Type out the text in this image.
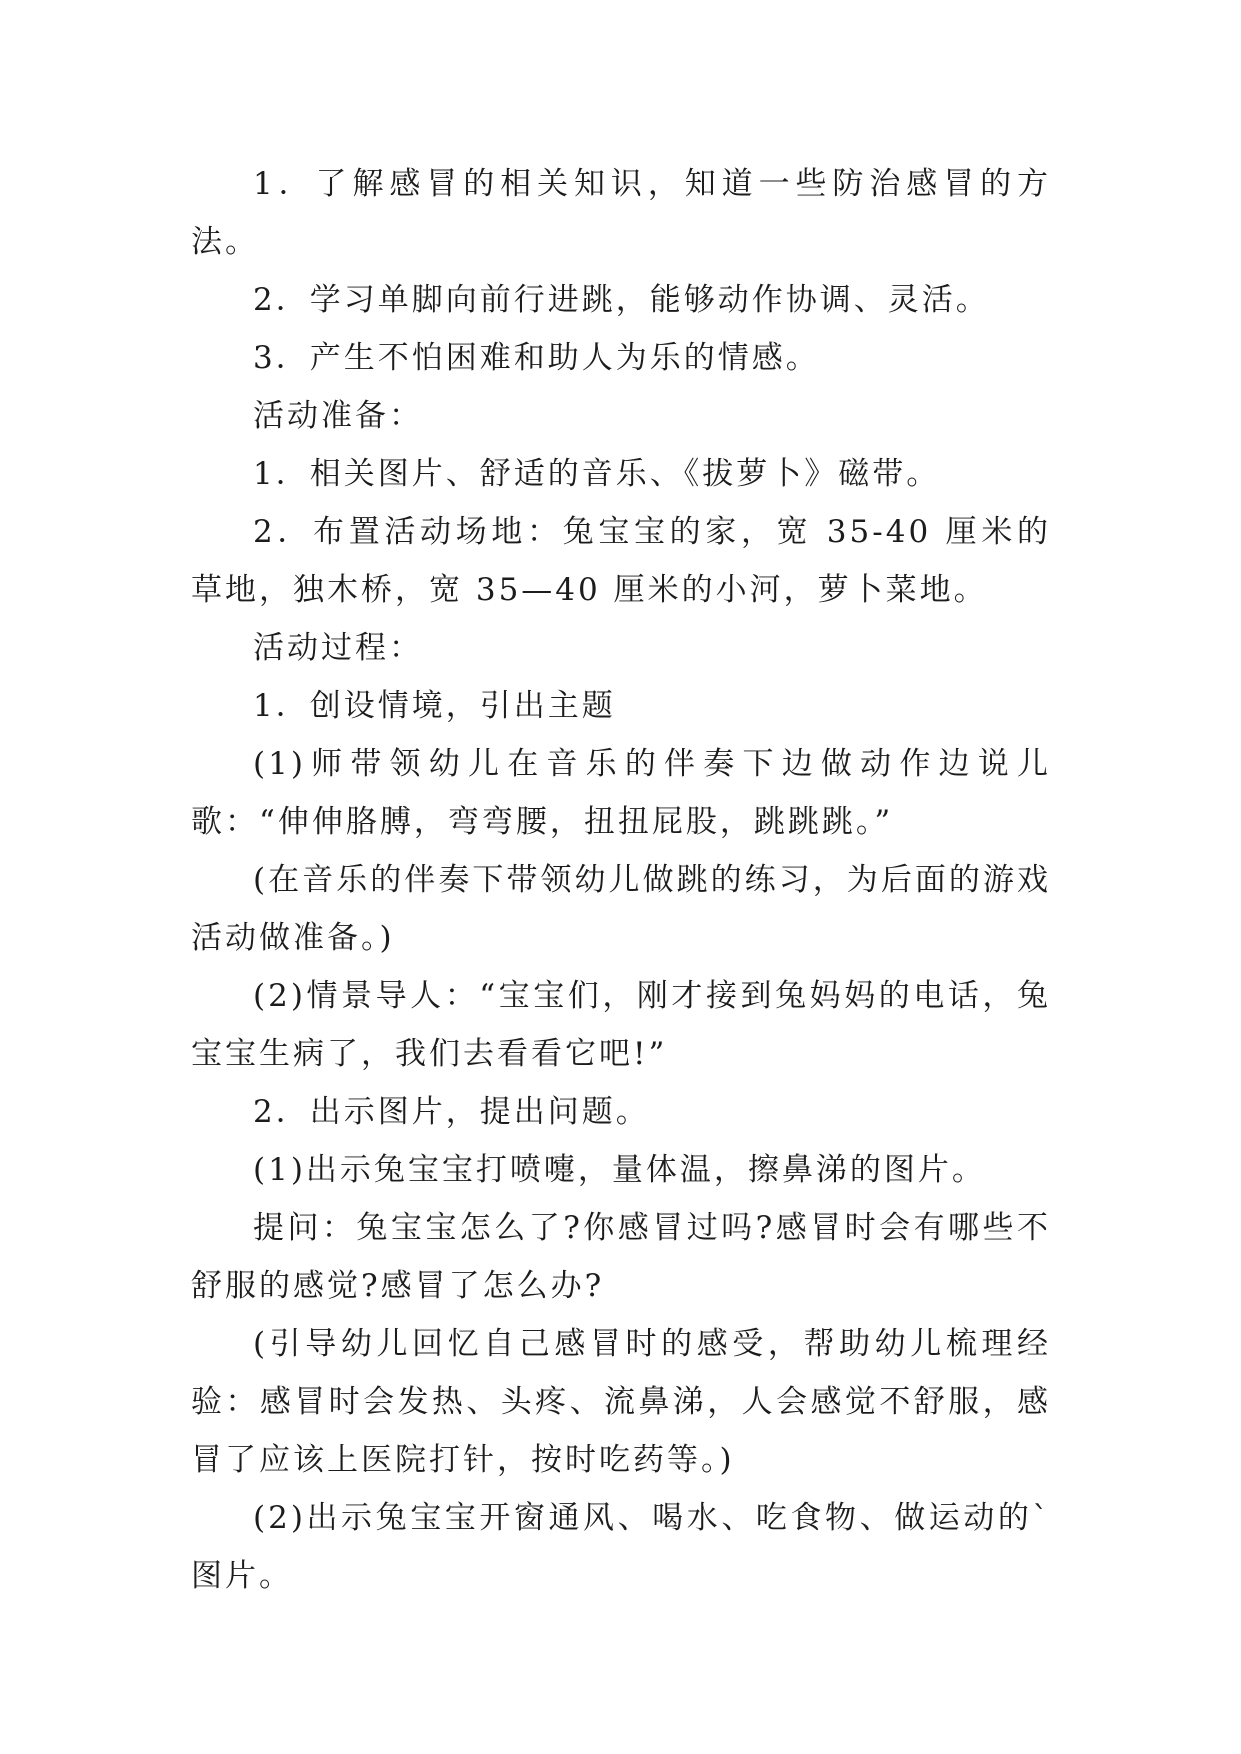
1．了解感冒的相关知识，知道一些防治感冒的方法。

2．学习单脚向前行进跳，能够动作协调、灵活。

3．产生不怕困难和助人为乐的情感。

活动准备：

1．相关图片、舒适的音乐、《拔萝卜》磁带。

2．布置活动场地：兔宝宝的家，宽 35-40 厘米的草地，独木桥，宽 35—40 厘米的小河，萝卜菜地。

活动过程：

1．创设情境，引出主题

(1)师带领幼儿在音乐的伴奏下边做动作边说儿歌：“伸伸胳膊，弯弯腰，扭扭屁股，跳跳跳。”

(在音乐的伴奏下带领幼儿做跳的练习，为后面的游戏活动做准备。)

(2)情景导人：“宝宝们，刚才接到兔妈妈的电话，兔宝宝生病了，我们去看看它吧!”

2．出示图片，提出问题。

(1)出示兔宝宝打喷嚏，量体温，擦鼻涕的图片。

提问：兔宝宝怎么了?你感冒过吗?感冒时会有哪些不舒服的感觉?感冒了怎么办?

(引导幼儿回忆自己感冒时的感受，帮助幼儿梳理经验：感冒时会发热、头疼、流鼻涕，人会感觉不舒服，感冒了应该上医院打针，按时吃药等。)

(2)出示兔宝宝开窗通风、喝水、吃食物、做运动的`图片。
